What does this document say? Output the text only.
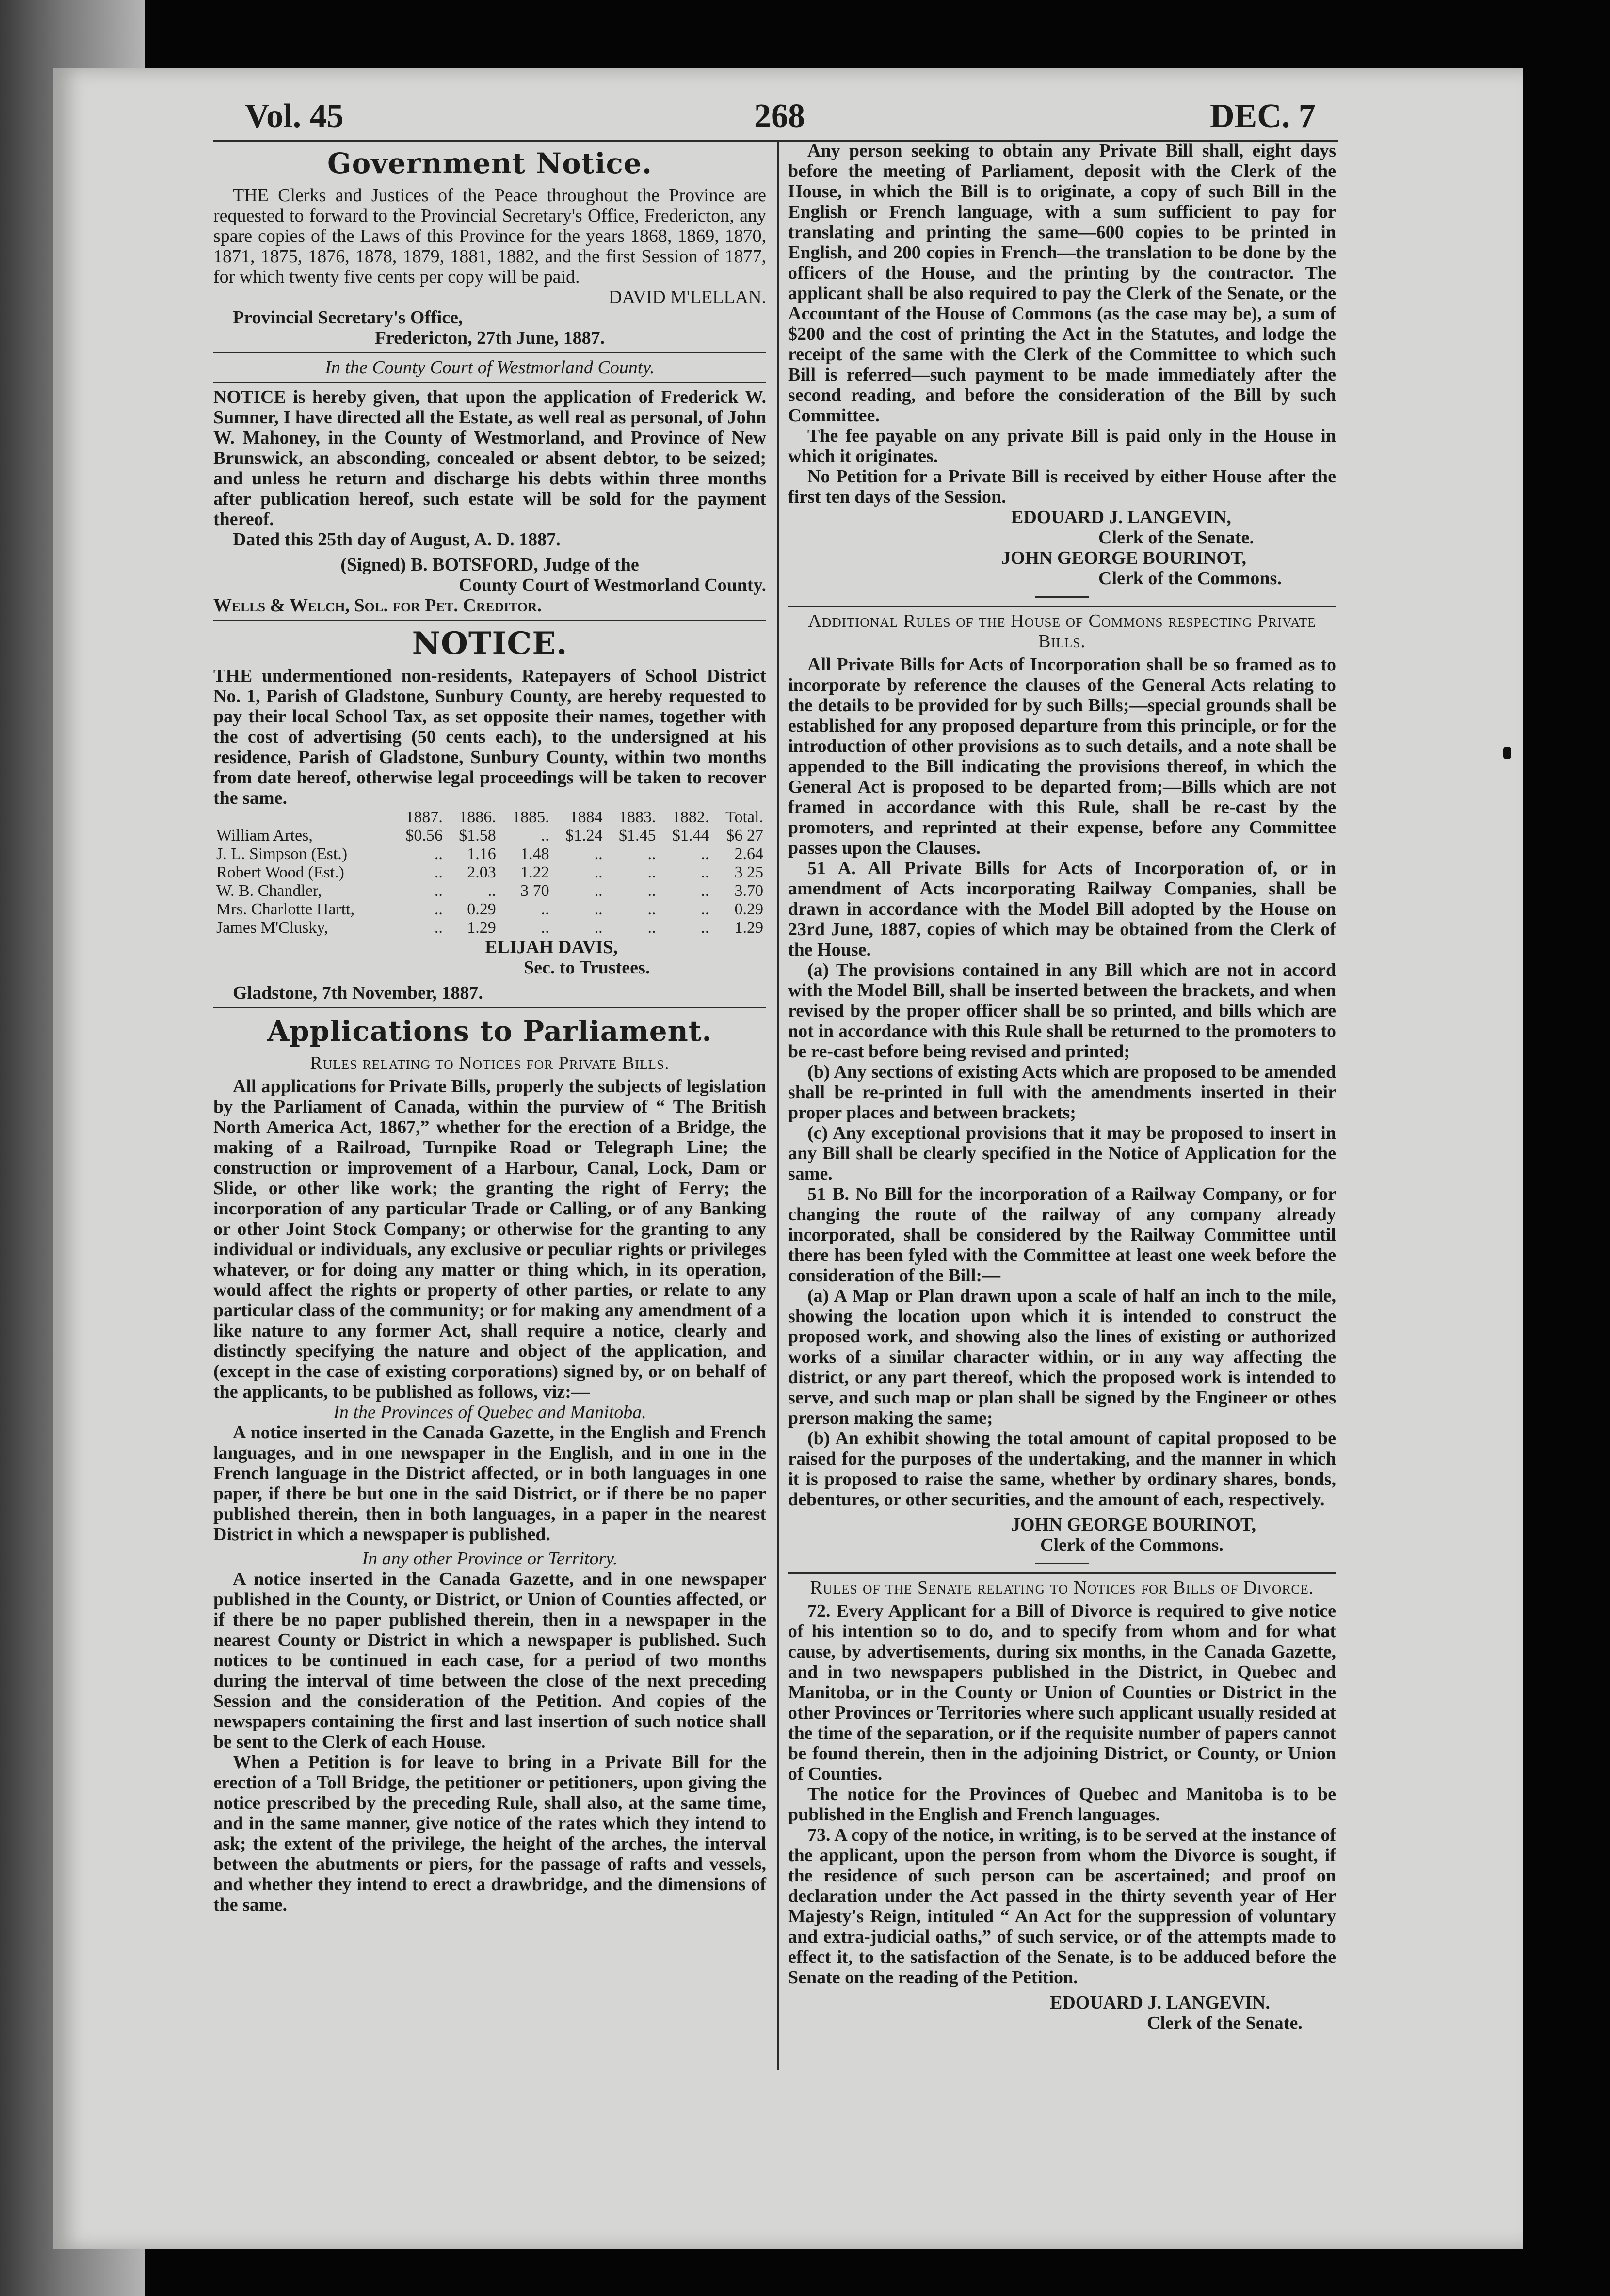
Vol. 45	268	DEC. 7
Government Notice.

THE Clerks and Justices of the Peace throughout the Province are requested to forward to the Provincial Secretary's Office, Fredericton, any spare copies of the Laws of this Province for the years 1868, 1869, 1870, 1871, 1875, 1876, 1878, 1879, 1881, 1882, and the first Session of 1877, for which twenty five cents per copy will be paid.

DAVID M'LELLAN.

Provincial Secretary's Office,

Fredericton, 27th June, 1887.

In the County Court of Westmorland County.

NOTICE is hereby given, that upon the application of Frederick W. Sumner, I have directed all the Estate, as well real as personal, of John W. Mahoney, in the County of Westmorland, and Province of New Brunswick, an absconding, concealed or absent debtor, to be seized; and unless he return and discharge his debts within three months after publication hereof, such estate will be sold for the payment thereof.

Dated this 25th day of August, A. D. 1887.

(Signed) B. BOTSFORD, Judge of the

County Court of Westmorland County.

Wells & Welch, Sol. for Pet. Creditor.

NOTICE.

THE undermentioned non-residents, Ratepayers of School District No. 1, Parish of Gladstone, Sunbury County, are hereby requested to pay their local School Tax, as set opposite their names, together with the cost of advertising (50 cents each), to the undersigned at his residence, Parish of Gladstone, Sunbury County, within two months from date hereof, otherwise legal proceedings will be taken to recover the same.

	1887.	1886.	1885.	1884	1883.	1882.	Total.
William Artes,	$0.56	$1.58	..	$1.24	$1.45	$1.44	$6 27
J. L. Simpson (Est.)	..	1.16	1.48	..	..	..	2.64
Robert Wood (Est.)	..	2.03	1.22	..	..	..	3 25
W. B. Chandler,	..	..	3 70	..	..	..	3.70
Mrs. Charlotte Hartt,	..	0.29	..	..	..	..	0.29
James M'Clusky,	..	1.29	..	..	..	..	1.29

ELIJAH DAVIS,

Sec. to Trustees.

Gladstone, 7th November, 1887.

Applications to Parliament.

Rules relating to Notices for Private Bills.

All applications for Private Bills, properly the subjects of legislation by the Parliament of Canada, within the purview of “ The British North America Act, 1867,” whether for the erection of a Bridge, the making of a Railroad, Turnpike Road or Telegraph Line; the construction or improvement of a Harbour, Canal, Lock, Dam or Slide, or other like work; the granting the right of Ferry; the incorporation of any particular Trade or Calling, or of any Banking or other Joint Stock Company; or otherwise for the granting to any individual or individuals, any exclusive or peculiar rights or privileges whatever, or for doing any matter or thing which, in its operation, would affect the rights or property of other parties, or relate to any particular class of the community; or for making any amendment of a like nature to any former Act, shall require a notice, clearly and distinctly specifying the nature and object of the application, and (except in the case of existing corporations) signed by, or on behalf of the applicants, to be published as follows, viz:—

In the Provinces of Quebec and Manitoba.

A notice inserted in the Canada Gazette, in the English and French languages, and in one newspaper in the English, and in one in the French language in the District affected, or in both languages in one paper, if there be but one in the said District, or if there be no paper published therein, then in both languages, in a paper in the nearest District in which a newspaper is published.

In any other Province or Territory.

A notice inserted in the Canada Gazette, and in one newspaper published in the County, or District, or Union of Counties affected, or if there be no paper published therein, then in a newspaper in the nearest County or District in which a newspaper is published. Such notices to be continued in each case, for a period of two months during the interval of time between the close of the next preceding Session and the consideration of the Petition. And copies of the newspapers containing the first and last insertion of such notice shall be sent to the Clerk of each House.

When a Petition is for leave to bring in a Private Bill for the erection of a Toll Bridge, the petitioner or petitioners, upon giving the notice prescribed by the preceding Rule, shall also, at the same time, and in the same manner, give notice of the rates which they intend to ask; the extent of the privilege, the height of the arches, the interval between the abutments or piers, for the passage of rafts and vessels, and whether they intend to erect a drawbridge, and the dimensions of the same.

Any person seeking to obtain any Private Bill shall, eight days before the meeting of Parliament, deposit with the Clerk of the House, in which the Bill is to originate, a copy of such Bill in the English or French language, with a sum sufficient to pay for translating and printing the same—600 copies to be printed in English, and 200 copies in French—the translation to be done by the officers of the House, and the printing by the contractor. The applicant shall be also required to pay the Clerk of the Senate, or the Accountant of the House of Commons (as the case may be), a sum of $200 and the cost of printing the Act in the Statutes, and lodge the receipt of the same with the Clerk of the Committee to which such Bill is referred—such payment to be made immediately after the second reading, and before the consideration of the Bill by such Committee.

The fee payable on any private Bill is paid only in the House in which it originates.

No Petition for a Private Bill is received by either House after the first ten days of the Session.

EDOUARD J. LANGEVIN,

Clerk of the Senate.

JOHN GEORGE BOURINOT,

Clerk of the Commons.

Additional Rules of the House of Commons respecting Private Bills.

All Private Bills for Acts of Incorporation shall be so framed as to incorporate by reference the clauses of the General Acts relating to the details to be provided for by such Bills;—special grounds shall be established for any proposed departure from this principle, or for the introduction of other provisions as to such details, and a note shall be appended to the Bill indicating the provisions thereof, in which the General Act is proposed to be departed from;—Bills which are not framed in accordance with this Rule, shall be re-cast by the promoters, and reprinted at their expense, before any Committee passes upon the Clauses.

51 A. All Private Bills for Acts of Incorporation of, or in amendment of Acts incorporating Railway Companies, shall be drawn in accordance with the Model Bill adopted by the House on 23rd June, 1887, copies of which may be obtained from the Clerk of the House.

(a) The provisions contained in any Bill which are not in accord with the Model Bill, shall be inserted between the brackets, and when revised by the proper officer shall be so printed, and bills which are not in accordance with this Rule shall be returned to the promoters to be re-cast before being revised and printed;

(b) Any sections of existing Acts which are proposed to be amended shall be re-printed in full with the amendments inserted in their proper places and between brackets;

(c) Any exceptional provisions that it may be proposed to insert in any Bill shall be clearly specified in the Notice of Application for the same.

51 B. No Bill for the incorporation of a Railway Company, or for changing the route of the railway of any company already incorporated, shall be considered by the Railway Committee until there has been fyled with the Committee at least one week before the consideration of the Bill:—

(a) A Map or Plan drawn upon a scale of half an inch to the mile, showing the location upon which it is intended to construct the proposed work, and showing also the lines of existing or authorized works of a similar character within, or in any way affecting the district, or any part thereof, which the proposed work is intended to serve, and such map or plan shall be signed by the Engineer or othes prerson making the same;

(b) An exhibit showing the total amount of capital proposed to be raised for the purposes of the undertaking, and the manner in which it is proposed to raise the same, whether by ordinary shares, bonds, debentures, or other securities, and the amount of each, respectively.

JOHN GEORGE BOURINOT,

Clerk of the Commons.

Rules of the Senate relating to Notices for Bills of Divorce.

72. Every Applicant for a Bill of Divorce is required to give notice of his intention so to do, and to specify from whom and for what cause, by advertisements, during six months, in the Canada Gazette, and in two newspapers published in the District, in Quebec and Manitoba, or in the County or Union of Counties or District in the other Provinces or Territories where such applicant usually resided at the time of the separation, or if the requisite number of papers cannot be found therein, then in the adjoining District, or County, or Union of Counties.

The notice for the Provinces of Quebec and Manitoba is to be published in the English and French languages.

73. A copy of the notice, in writing, is to be served at the instance of the applicant, upon the person from whom the Divorce is sought, if the residence of such person can be ascertained; and proof on declaration under the Act passed in the thirty seventh year of Her Majesty's Reign, intituled “ An Act for the suppression of voluntary and extra-judicial oaths,” of such service, or of the attempts made to effect it, to the satisfaction of the Senate, is to be adduced before the Senate on the reading of the Petition.

EDOUARD J. LANGEVIN.

Clerk of the Senate.
